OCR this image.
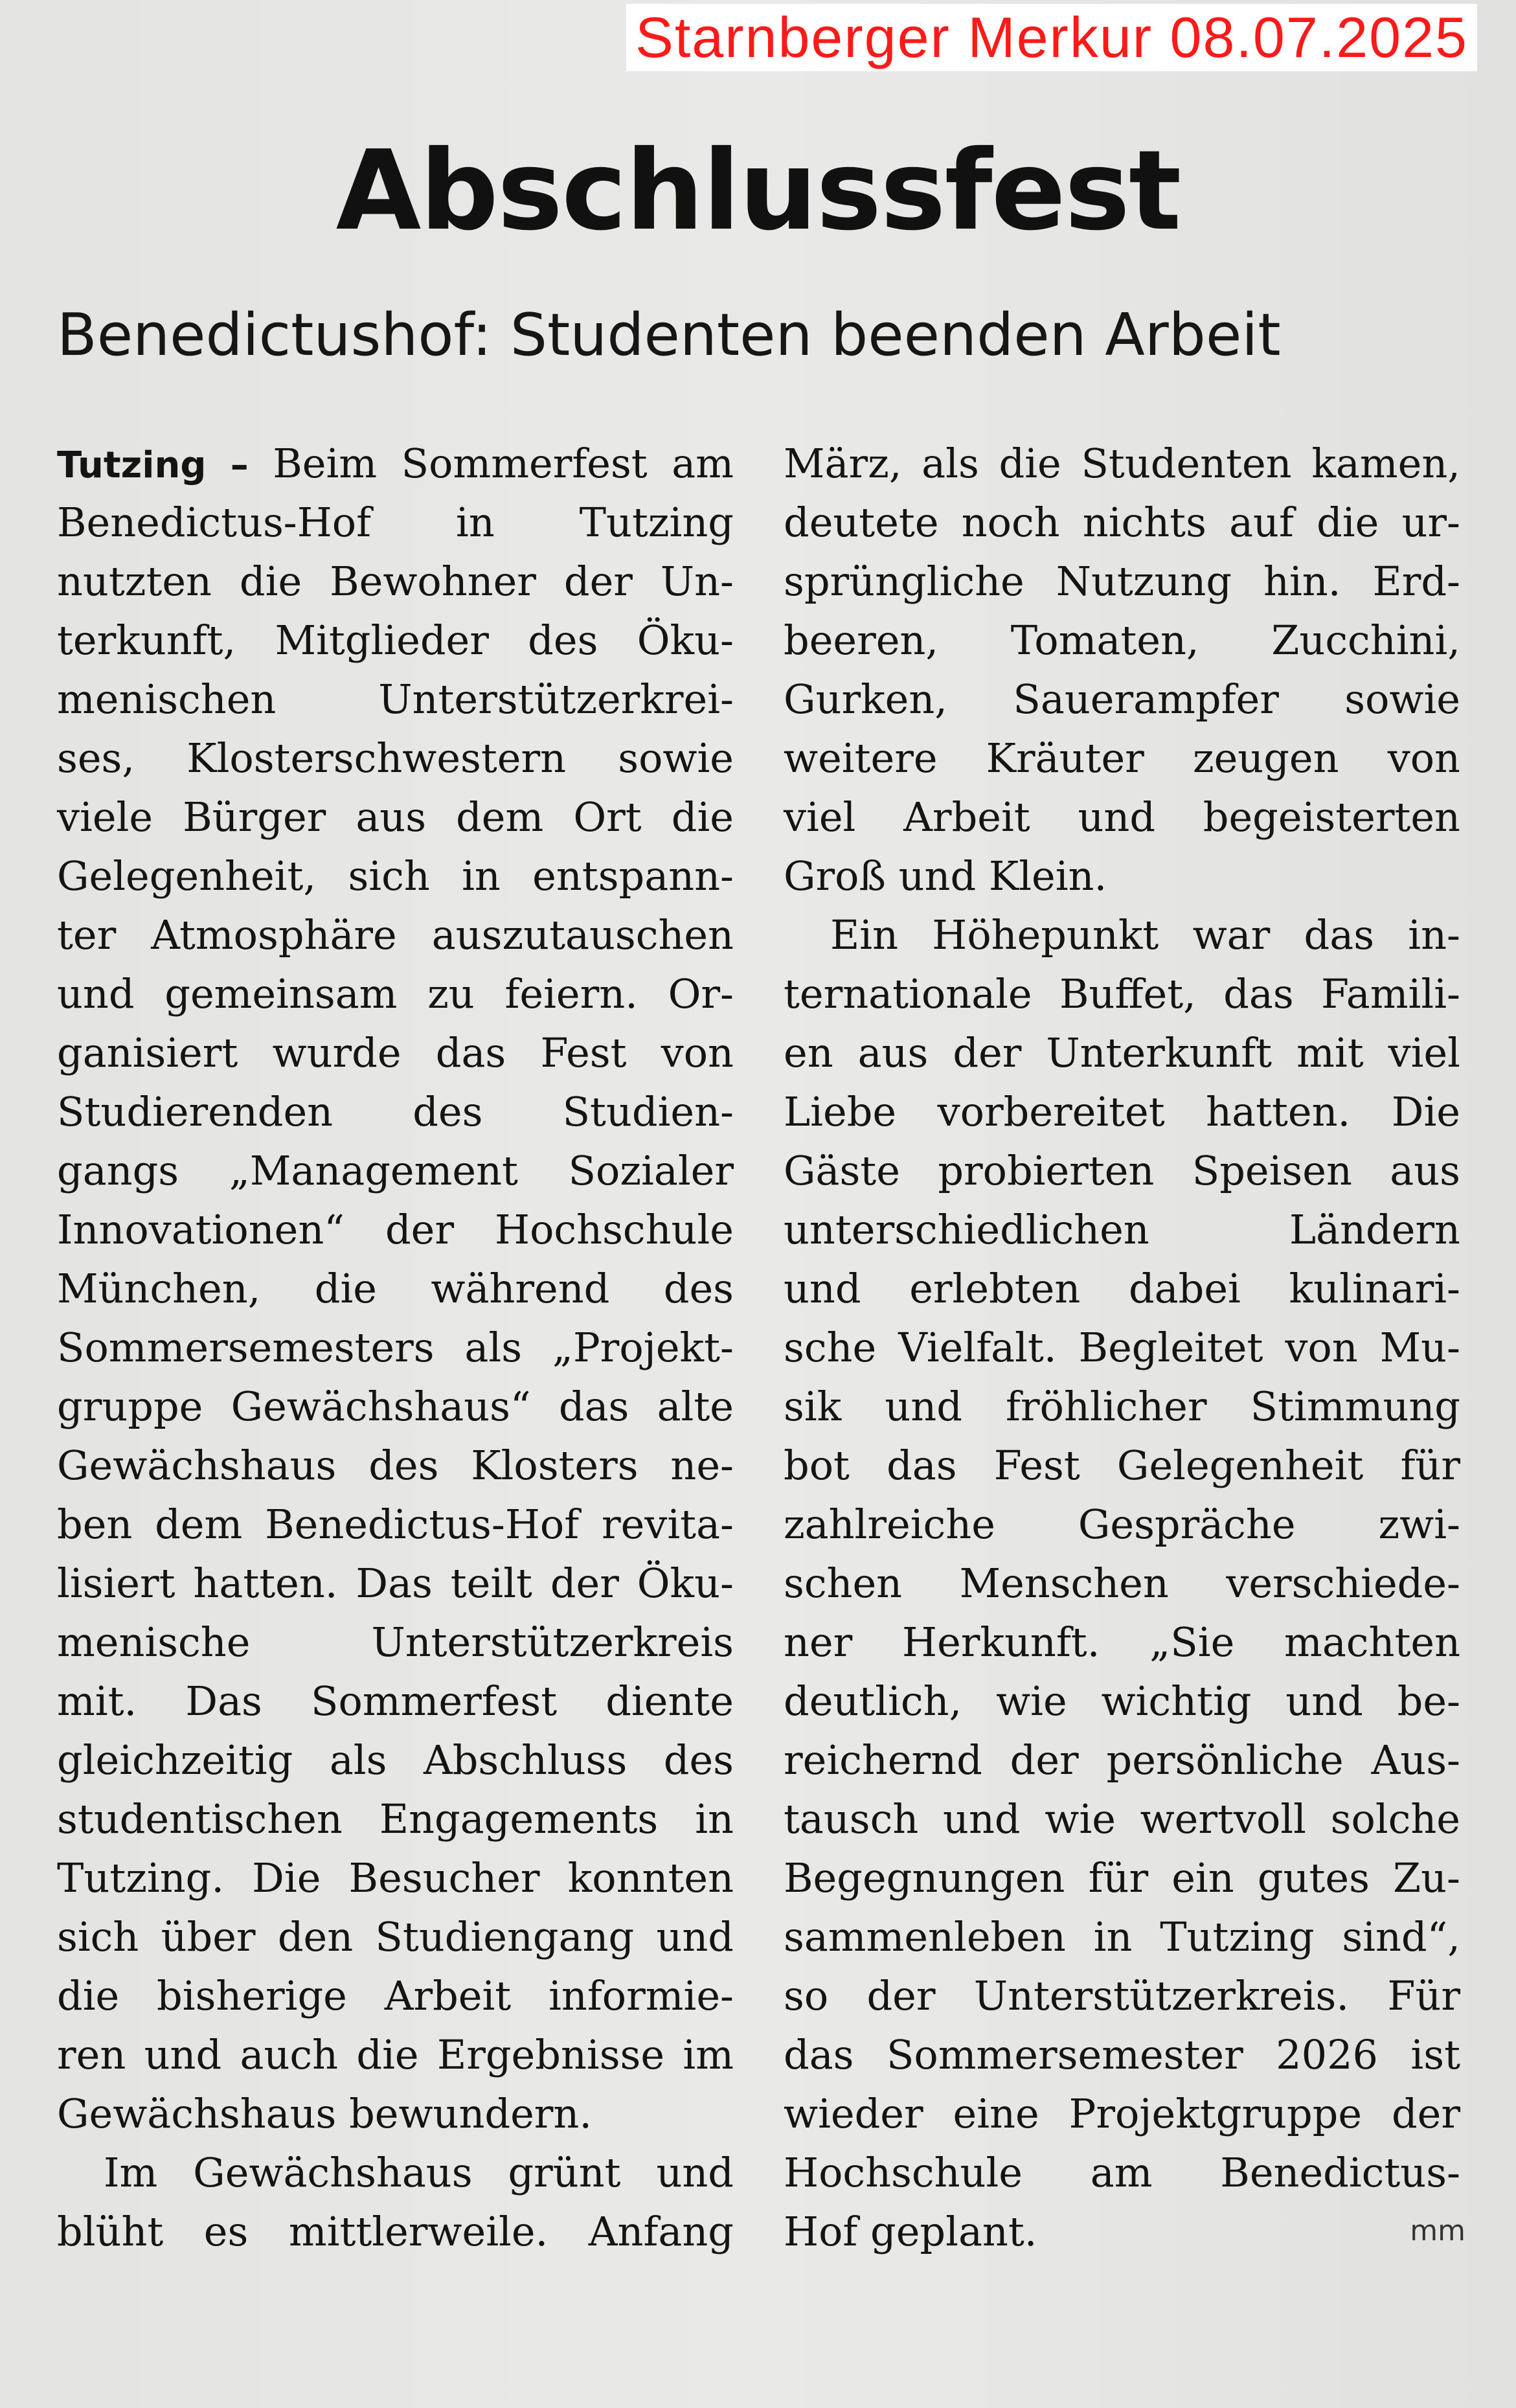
Starnberger Merkur 08.07.2025
Abschlussfest
Benedictushof: Studenten beenden Arbeit
Tutzing – Beim Sommerfest am
Benedictus-Hof in Tutzing
nutzten die Bewohner der Un-
terkunft, Mitglieder des Öku-
menischen Unterstützerkrei-
ses, Klosterschwestern sowie
viele Bürger aus dem Ort die
Gelegenheit, sich in entspann-
ter Atmosphäre auszutauschen
und gemeinsam zu feiern. Or-
ganisiert wurde das Fest von
Studierenden des Studien-
gangs „Management Sozialer
Innovationen“ der Hochschule
München, die während des
Sommersemesters als „Projekt-
gruppe Gewächshaus“ das alte
Gewächshaus des Klosters ne-
ben dem Benedictus-Hof revita-
lisiert hatten. Das teilt der Öku-
menische Unterstützerkreis
mit. Das Sommerfest diente
gleichzeitig als Abschluss des
studentischen Engagements in
Tutzing. Die Besucher konnten
sich über den Studiengang und
die bisherige Arbeit informie-
ren und auch die Ergebnisse im
Gewächshaus bewundern.
Im Gewächshaus grünt und
blüht es mittlerweile. Anfang
März, als die Studenten kamen,
deutete noch nichts auf die ur-
sprüngliche Nutzung hin. Erd-
beeren, Tomaten, Zucchini,
Gurken, Sauerampfer sowie
weitere Kräuter zeugen von
viel Arbeit und begeisterten
Groß und Klein.
Ein Höhepunkt war das in-
ternationale Buffet, das Famili-
en aus der Unterkunft mit viel
Liebe vorbereitet hatten. Die
Gäste probierten Speisen aus
unterschiedlichen Ländern
und erlebten dabei kulinari-
sche Vielfalt. Begleitet von Mu-
sik und fröhlicher Stimmung
bot das Fest Gelegenheit für
zahlreiche Gespräche zwi-
schen Menschen verschiede-
ner Herkunft. „Sie machten
deutlich, wie wichtig und be-
reichernd der persönliche Aus-
tausch und wie wertvoll solche
Begegnungen für ein gutes Zu-
sammenleben in Tutzing sind“,
so der Unterstützerkreis. Für
das Sommersemester 2026 ist
wieder eine Projektgruppe der
Hochschule am Benedictus-
Hof geplant.	mm
